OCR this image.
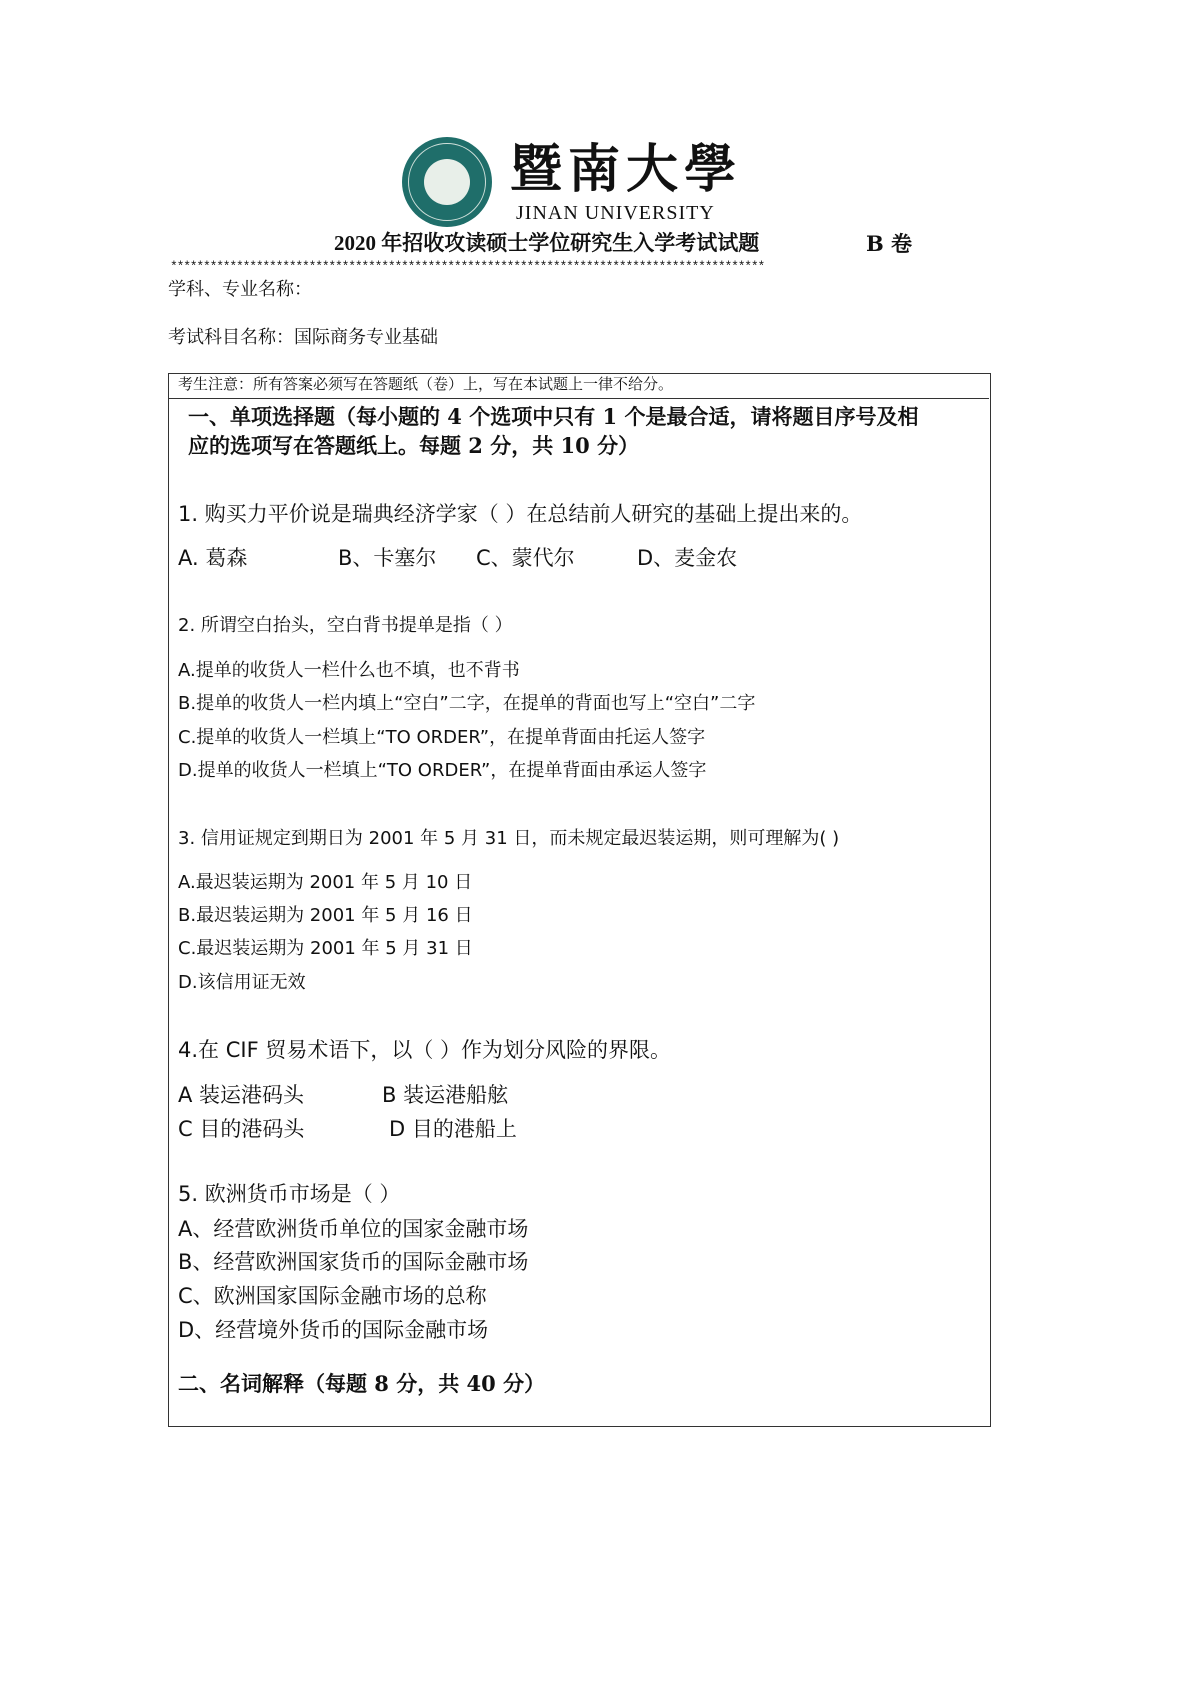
暨南大學
JINAN UNIVERSITY
2020 年招收攻读硕士学位研究生入学考试试题	B 卷
******************************************************************************************
学科、专业名称：
考试科目名称：国际商务专业基础
考生注意：所有答案必须写在答题纸（卷）上，写在本试题上一律不给分。
一、单项选择题（每小题的 4 个选项中只有 1 个是最合适，请将题目序号及相
应的选项写在答题纸上。每题 2 分，共 10 分）
1. 购买力平价说是瑞典经济学家（ ）在总结前人研究的基础上提出来的。
A. 葛森	B、卡塞尔 C、蒙代尔	D、麦金农
2. 所谓空白抬头，空白背书提单是指（ ）
A.提单的收货人一栏什么也不填，也不背书
B.提单的收货人一栏内填上“空白”二字，在提单的背面也写上“空白”二字
C.提单的收货人一栏填上“TO ORDER”，在提单背面由托运人签字
D.提单的收货人一栏填上“TO ORDER”，在提单背面由承运人签字
3. 信用证规定到期日为 2001 年 5 月 31 日，而未规定最迟装运期，则可理解为( )
A.最迟装运期为 2001 年 5 月 10 日
B.最迟装运期为 2001 年 5 月 16 日
C.最迟装运期为 2001 年 5 月 31 日
D.该信用证无效
4.在 CIF 贸易术语下，以（ ）作为划分风险的界限。
A 装运港码头	B 装运港船舷
C 目的港码头	D 目的港船上
5. 欧洲货币市场是（ ）
A、经营欧洲货币单位的国家金融市场
B、经营欧洲国家货币的国际金融市场
C、欧洲国家国际金融市场的总称
D、经营境外货币的国际金融市场
二、名词解释（每题 8 分，共 40 分）
